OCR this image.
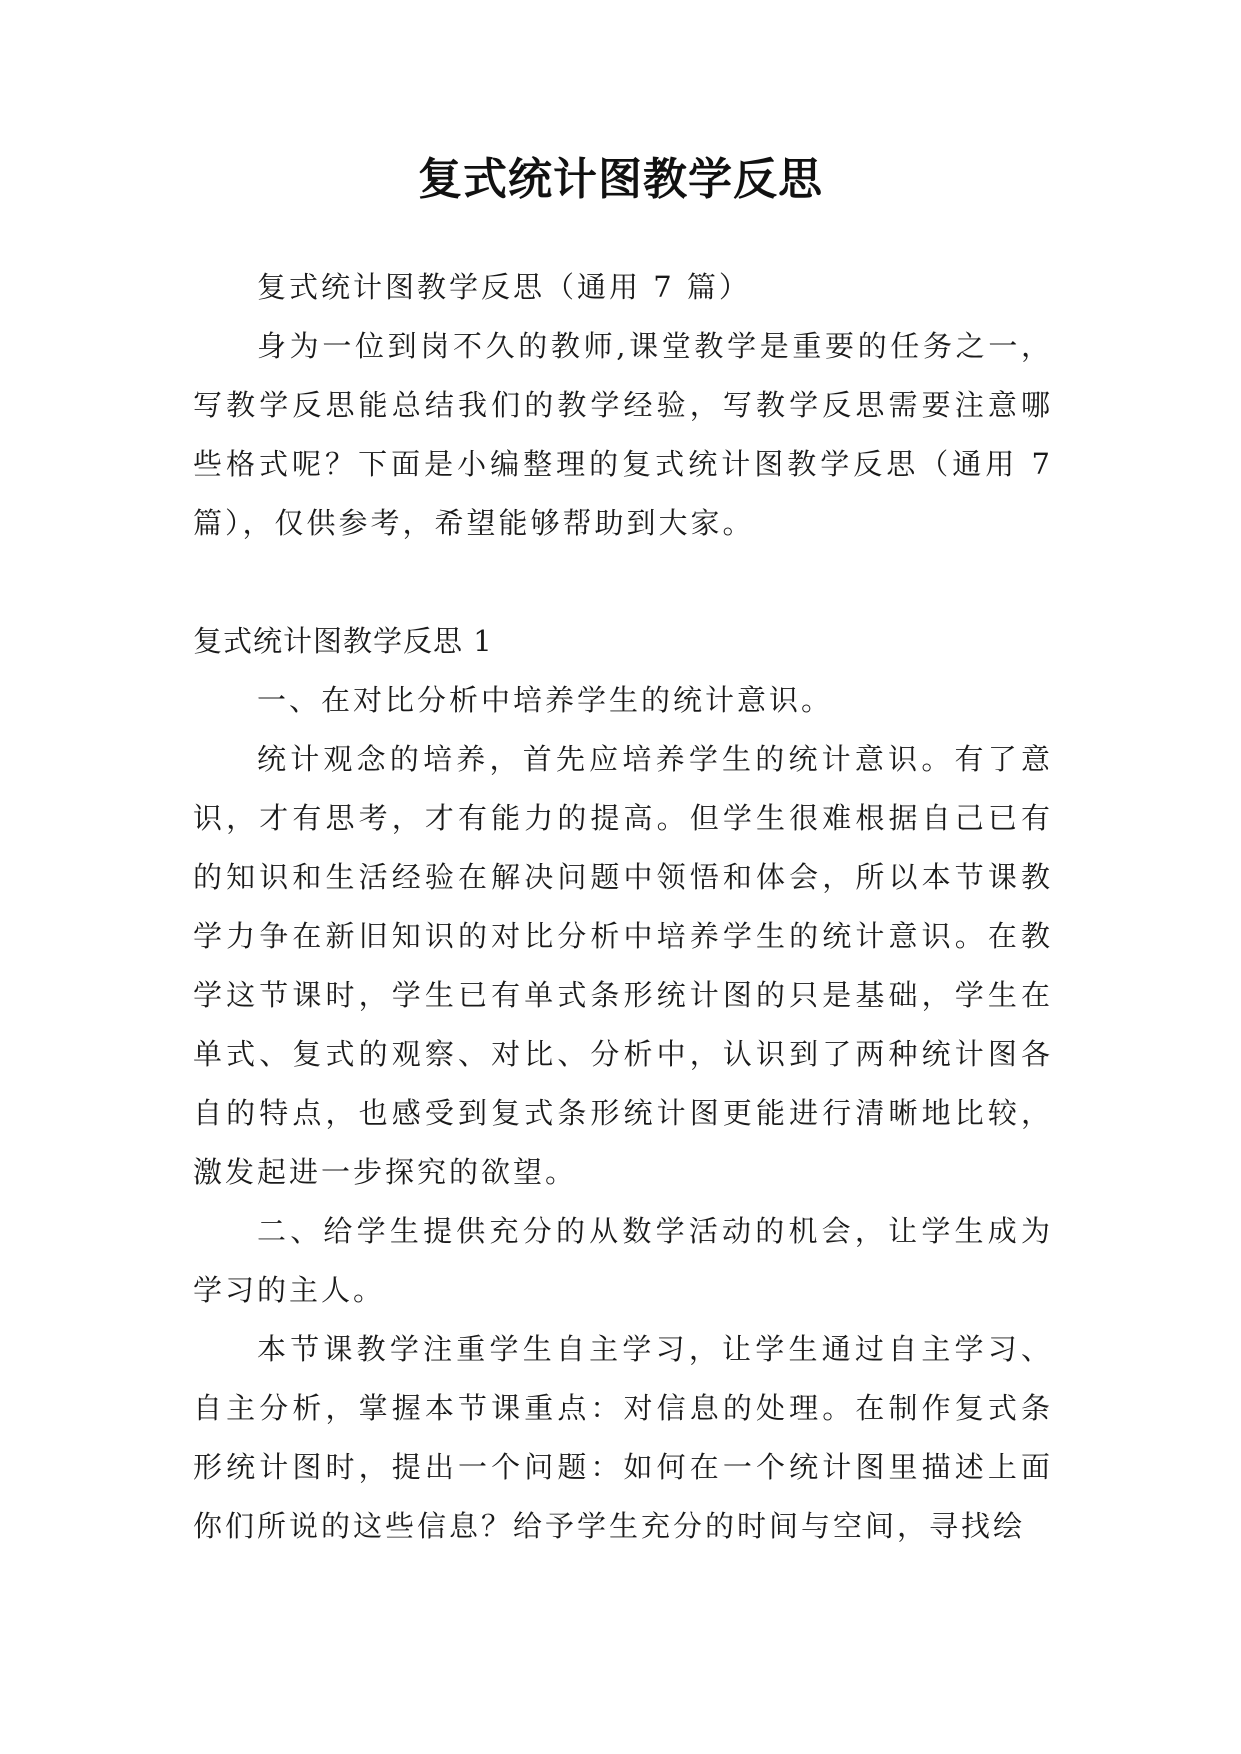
复式统计图教学反思

复式统计图教学反思（通用 7 篇）

身为一位到岗不久的教师,课堂教学是重要的任务之一，写教学反思能总结我们的教学经验，写教学反思需要注意哪些格式呢？下面是小编整理的复式统计图教学反思（通用 7 篇），仅供参考，希望能够帮助到大家。

复式统计图教学反思 1

一、在对比分析中培养学生的统计意识。

统计观念的培养，首先应培养学生的统计意识。有了意识，才有思考，才有能力的提高。但学生很难根据自己已有的知识和生活经验在解决问题中领悟和体会，所以本节课教学力争在新旧知识的对比分析中培养学生的统计意识。在教学这节课时，学生已有单式条形统计图的只是基础，学生在单式、复式的观察、对比、分析中，认识到了两种统计图各自的特点，也感受到复式条形统计图更能进行清晰地比较，激发起进一步探究的欲望。

二、给学生提供充分的从数学活动的机会，让学生成为学习的主人。

本节课教学注重学生自主学习，让学生通过自主学习、自主分析，掌握本节课重点：对信息的处理。在制作复式条形统计图时，提出一个问题：如何在一个统计图里描述上面你们所说的这些信息？给予学生充分的时间与空间，寻找绘
